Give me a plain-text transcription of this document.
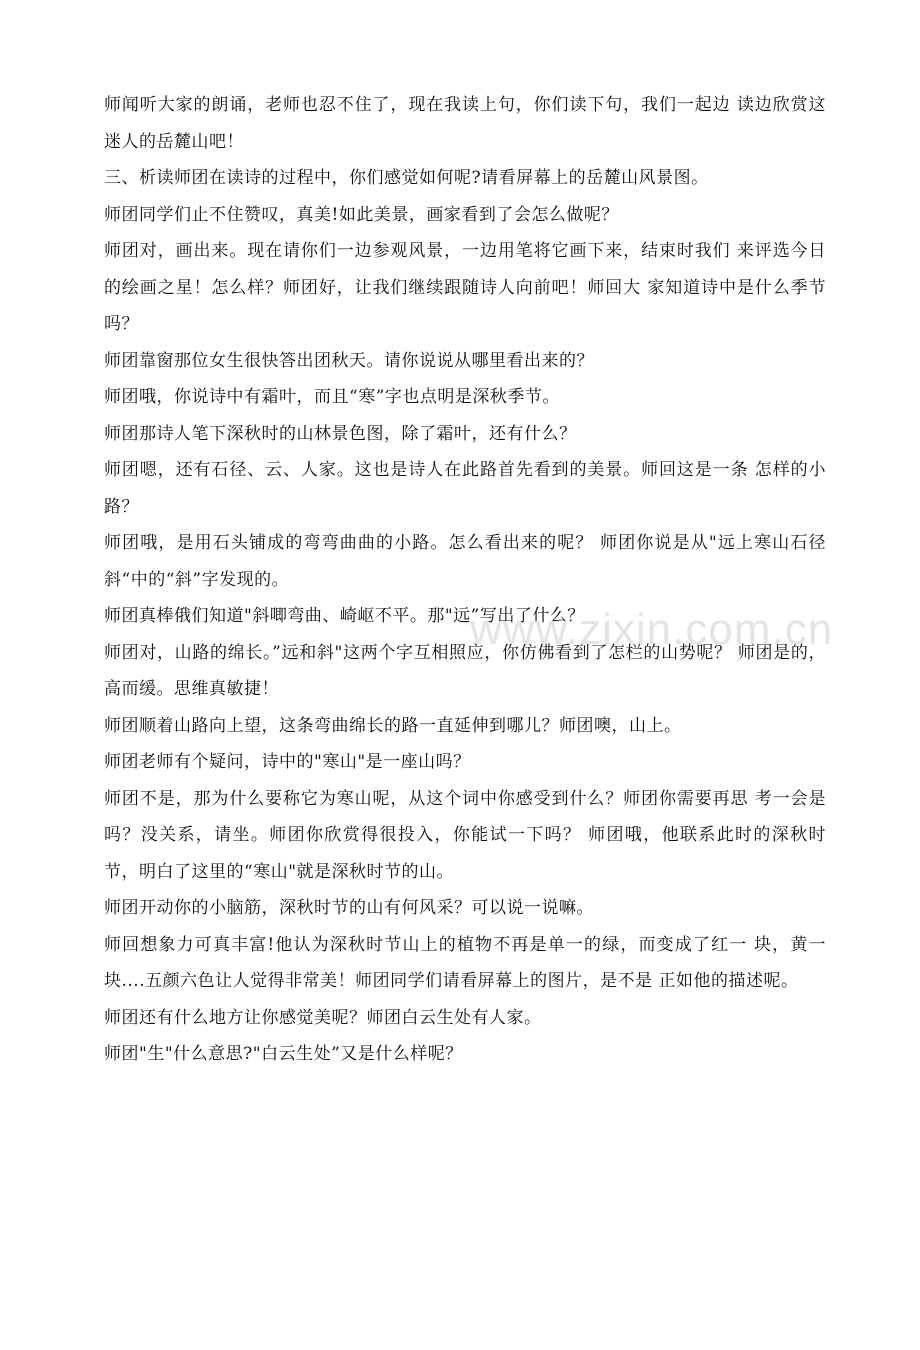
师闻听大家的朗诵，老师也忍不住了，现在我读上句，你们读下句，我们一起边 读边欣赏这迷人的岳麓山吧！

三、析读师团在读诗的过程中，你们感觉如何呢?请看屏幕上的岳麓山风景图。

师团同学们止不住赞叹，真美!如此美景，画家看到了会怎么做呢？

师团对，画出来。现在请你们一边参观风景，一边用笔将它画下来，结束时我们 来评选今日的绘画之星！怎么样？师团好，让我们继续跟随诗人向前吧！师回大 家知道诗中是什么季节吗？

师团靠窗那位女生很快答出团秋天。请你说说从哪里看出来的？

师团哦，你说诗中有霜叶，而且“寒”字也点明是深秋季节。

师团那诗人笔下深秋时的山林景色图，除了霜叶，还有什么？

师团嗯，还有石径、云、人家。这也是诗人在此路首先看到的美景。师回这是一条 怎样的小路？

师团哦，是用石头铺成的弯弯曲曲的小路。怎么看出来的呢？ 师团你说是从"远上寒山石径斜“中的“斜”字发现的。

师团真棒俄们知道"斜唧弯曲、崎岖不平。那"远”写出了什么？

师团对，山路的绵长。”远和斜"这两个字互相照应，你仿佛看到了怎栏的山势呢？ 师团是的，高而缓。思维真敏捷！

师团顺着山路向上望，这条弯曲绵长的路一直延伸到哪儿？师团噢，山上。

师团老师有个疑问，诗中的"寒山"是一座山吗？

师团不是，那为什么要称它为寒山呢，从这个词中你感受到什么？师团你需要再思 考一会是吗？没关系，请坐。师团你欣赏得很投入，你能试一下吗？ 师团哦，他联系此时的深秋时节，明白了这里的“寒山"就是深秋时节的山。

师团开动你的小脑筋，深秋时节的山有何风采？可以说一说嘛。

师回想象力可真丰富!他认为深秋时节山上的植物不再是单一的绿，而变成了红一 块，黄一块....五颜六色让人觉得非常美！师团同学们请看屏幕上的图片，是不是 正如他的描述呢。

师团还有什么地方让你感觉美呢？师团白云生处有人家。

师团"生"什么意思?"白云生处”又是什么样呢？

www.zixin.com.cn
